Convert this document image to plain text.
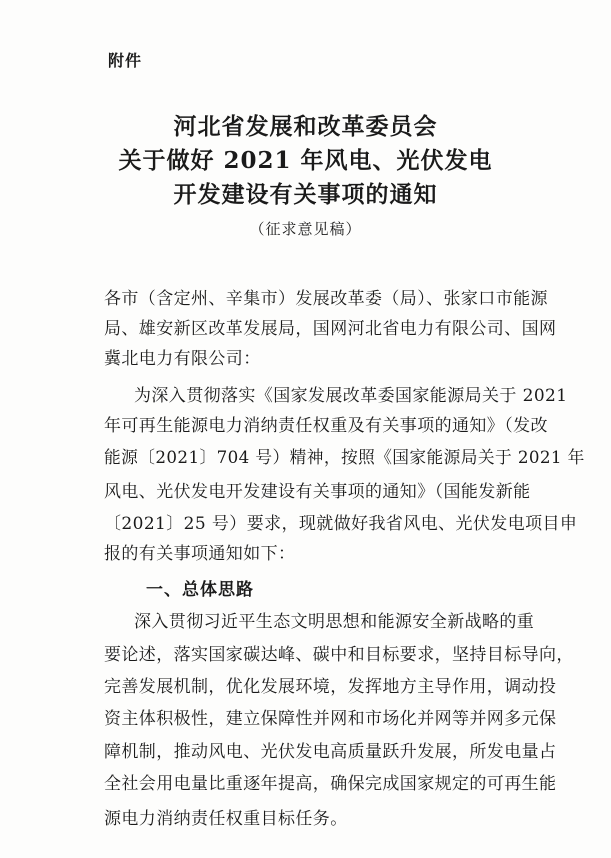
附件
河北省发展和改革委员会
关于做好 2021 年风电、光伏发电
开发建设有关事项的通知
（征求意见稿）
各市（含定州、辛集市）发展改革委（局）、张家口市能源
局、雄安新区改革发展局，国网河北省电力有限公司、国网
冀北电力有限公司：
为深入贯彻落实《国家发展改革委国家能源局关于 2021
年可再生能源电力消纳责任权重及有关事项的通知》（发改
能源〔2021〕704 号）精神，按照《国家能源局关于 2021 年
风电、光伏发电开发建设有关事项的通知》（国能发新能
〔2021〕25 号）要求，现就做好我省风电、光伏发电项目申
报的有关事项通知如下：
一、总体思路
深入贯彻习近平生态文明思想和能源安全新战略的重
要论述，落实国家碳达峰、碳中和目标要求，坚持目标导向，
完善发展机制，优化发展环境，发挥地方主导作用，调动投
资主体积极性，建立保障性并网和市场化并网等并网多元保
障机制，推动风电、光伏发电高质量跃升发展，所发电量占
全社会用电量比重逐年提高，确保完成国家规定的可再生能
源电力消纳责任权重目标任务。
